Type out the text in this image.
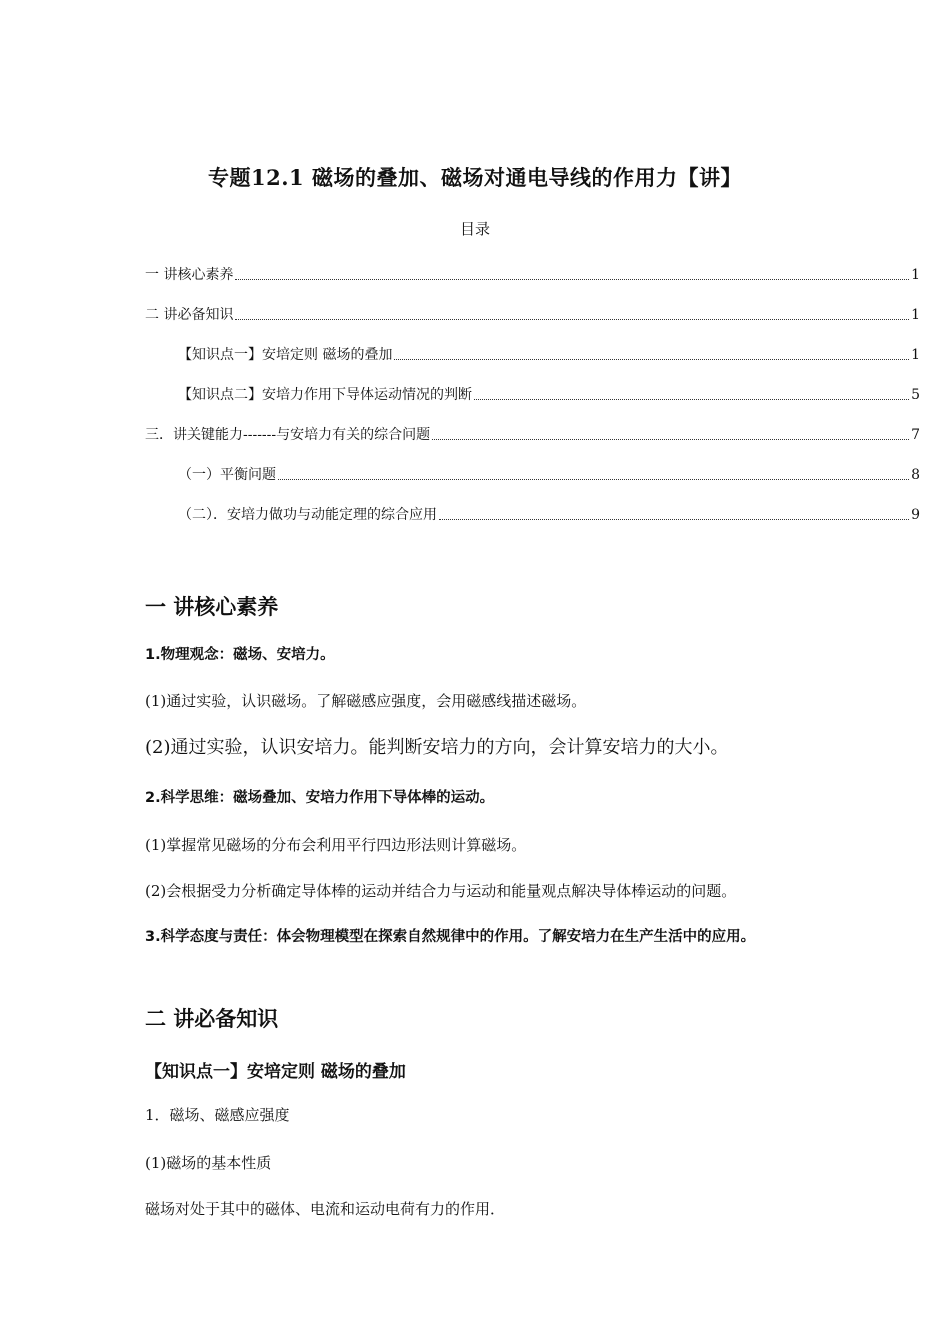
专题12.1 磁场的叠加、磁场对通电导线的作用力【讲】
目录
一 讲核心素养	1
二 讲必备知识	1
【知识点一】安培定则 磁场的叠加	1
【知识点二】安培力作用下导体运动情况的判断	5
三．讲关键能力-------与安培力有关的综合问题	7
（一）平衡问题	8
（二）．安培力做功与动能定理的综合应用	9
一 讲核心素养
1.物理观念：磁场、安培力。
(1)通过实验，认识磁场。了解磁感应强度，会用磁感线描述磁场。
(2)通过实验，认识安培力。能判断安培力的方向，会计算安培力的大小。
2.科学思维：磁场叠加、安培力作用下导体棒的运动。
(1)掌握常见磁场的分布会利用平行四边形法则计算磁场。
(2)会根据受力分析确定导体棒的运动并结合力与运动和能量观点解决导体棒运动的问题。
3.科学态度与责任：体会物理模型在探索自然规律中的作用。了解安培力在生产生活中的应用。
二 讲必备知识
【知识点一】安培定则 磁场的叠加
1．磁场、磁感应强度
(1)磁场的基本性质
磁场对处于其中的磁体、电流和运动电荷有力的作用．
